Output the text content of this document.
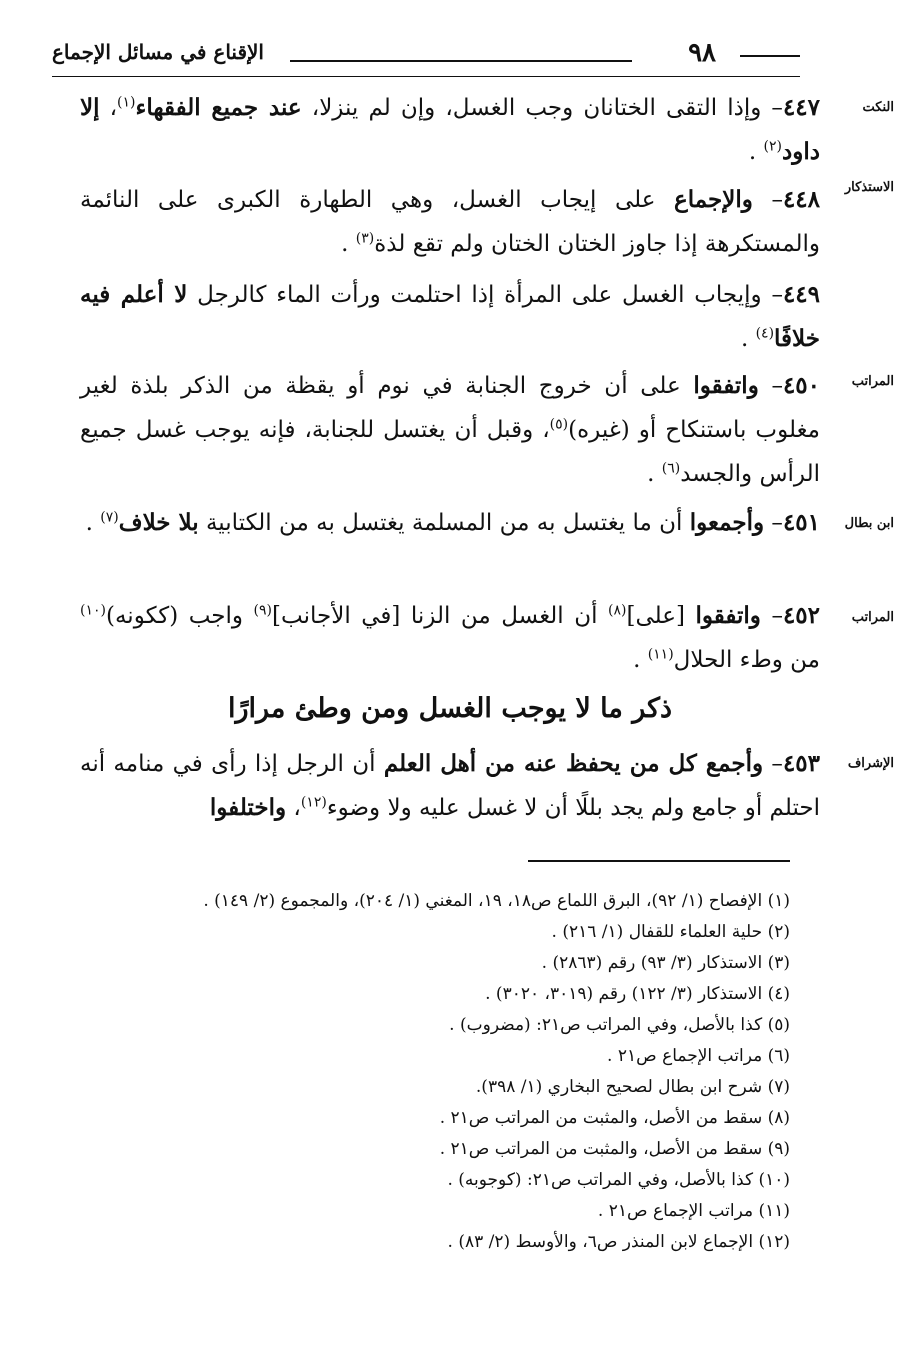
٩٨
الإقناع في مسائل الإجماع
النكت
٤٤٧– وإذا التقى الختانان وجب الغسل، وإن لم ينزلا، عند جميع الفقهاء$^{(١)}$، إلا داود$^{(٢)}$ .
الاستذكار
٤٤٨– والإجماع على إيجاب الغسل، وهي الطهارة الكبرى على النائمة والمستكرهة إذا جاوز الختان الختان ولم تقع لذة$^{(٣)}$ .
٤٤٩– وإيجاب الغسل على المرأة إذا احتلمت ورأت الماء كالرجل لا أعلم فيه خلافًا$^{(٤)}$ .
المراتب
٤٥٠– واتفقوا على أن خروج الجنابة في نوم أو يقظة من الذكر بلذة لغير مغلوب باستنكاح أو (غيره)$^{(٥)}$، وقبل أن يغتسل للجنابة، فإنه يوجب غسل جميع الرأس والجسد$^{(٦)}$ .
ابن بطال
٤٥١– وأجمعوا أن ما يغتسل به من المسلمة يغتسل به من الكتابية بلا خلاف$^{(٧)}$ .
المراتب
٤٥٢– واتفقوا [على]$^{(٨)}$ أن الغسل من الزنا [في الأجانب]$^{(٩)}$ واجب (ككونه)$^{(١٠)}$ من وطء الحلال$^{(١١)}$ .
ذكر ما لا يوجب الغسل ومن وطئ مرارًا
الإشراف
٤٥٣– وأجمع كل من يحفظ عنه من أهل العلم أن الرجل إذا رأى في منامه أنه احتلم أو جامع ولم يجد بللًا أن لا غسل عليه ولا وضوء$^{(١٢)}$، واختلفوا
(١) الإفصاح (١/ ٩٢)، البرق اللماع ص١٨، ١٩، المغني (١/ ٢٠٤)، والمجموع (٢/ ١٤٩) .
(٢) حلية العلماء للقفال (١/ ٢١٦) .
(٣) الاستذكار (٣/ ٩٣) رقم (٢٨٦٣) .
(٤) الاستذكار (٣/ ١٢٢) رقم (٣٠١٩، ٣٠٢٠) .
(٥) كذا بالأصل، وفي المراتب ص٢١: (مضروب) .
(٦) مراتب الإجماع ص٢١ .
(٧) شرح ابن بطال لصحيح البخاري (١/ ٣٩٨).
(٨) سقط من الأصل، والمثبت من المراتب ص٢١ .
(٩) سقط من الأصل، والمثبت من المراتب ص٢١ .
(١٠) كذا بالأصل، وفي المراتب ص٢١: (كوجوبه) .
(١١) مراتب الإجماع ص٢١ .
(١٢) الإجماع لابن المنذر ص٦، والأوسط (٢/ ٨٣) .
